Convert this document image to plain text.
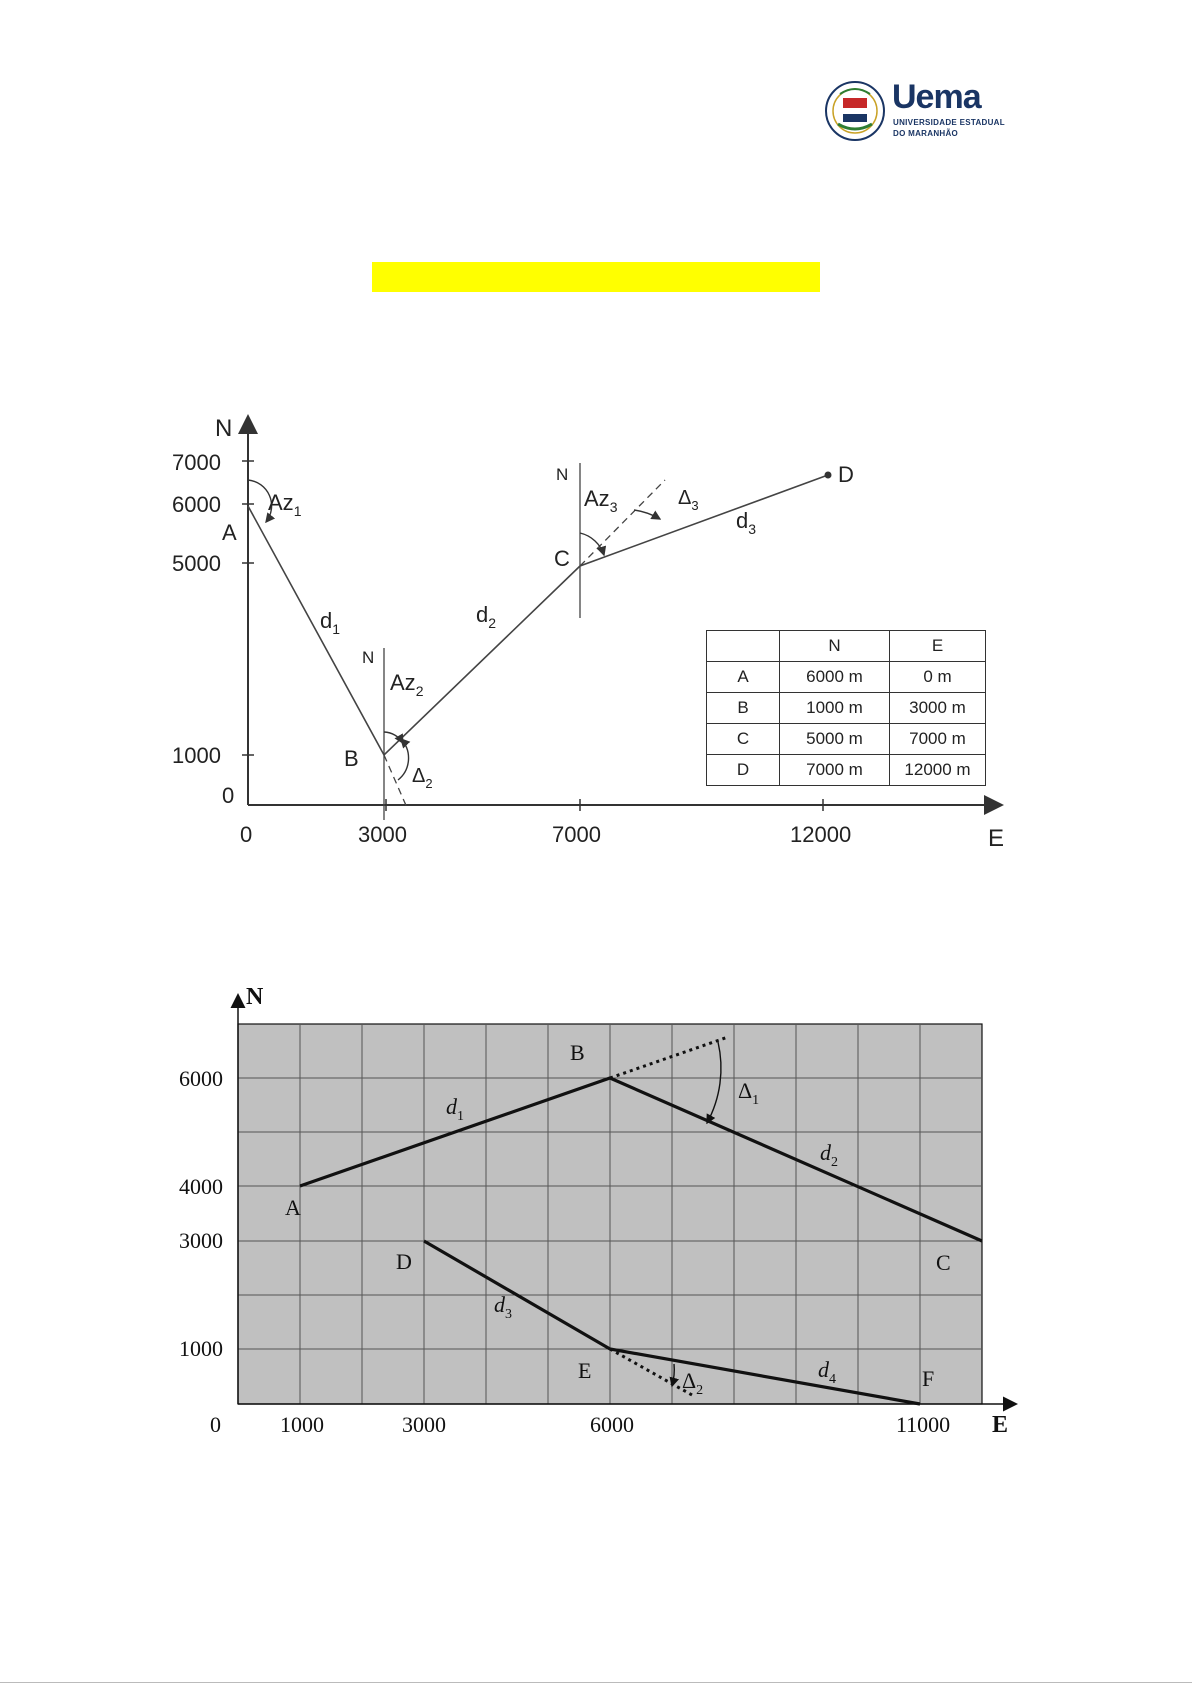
Uema
UNIVERSIDADE ESTADUAL
DO MARANHÃO
N
E
7000
6000
5000
1000
0
0	3000	7000	12000
A
B
C
D
N
N
$Az_1$
$Az_2$
$Az_3$
$\Delta_2$
$\Delta_3$
$d_1$
$d_2$
$d_3$
	N	E
A	6000 m	0 m
B	1000 m	3000 m
C	5000 m	7000 m
D	7000 m	12000 m
N
E
6000
4000
3000
1000
0	1000	3000	6000	11000
A
B
C
D
E	F
$d_1$
$d_2$
$d_3$
$d_4$
$\Delta_1$
$\Delta_2$
